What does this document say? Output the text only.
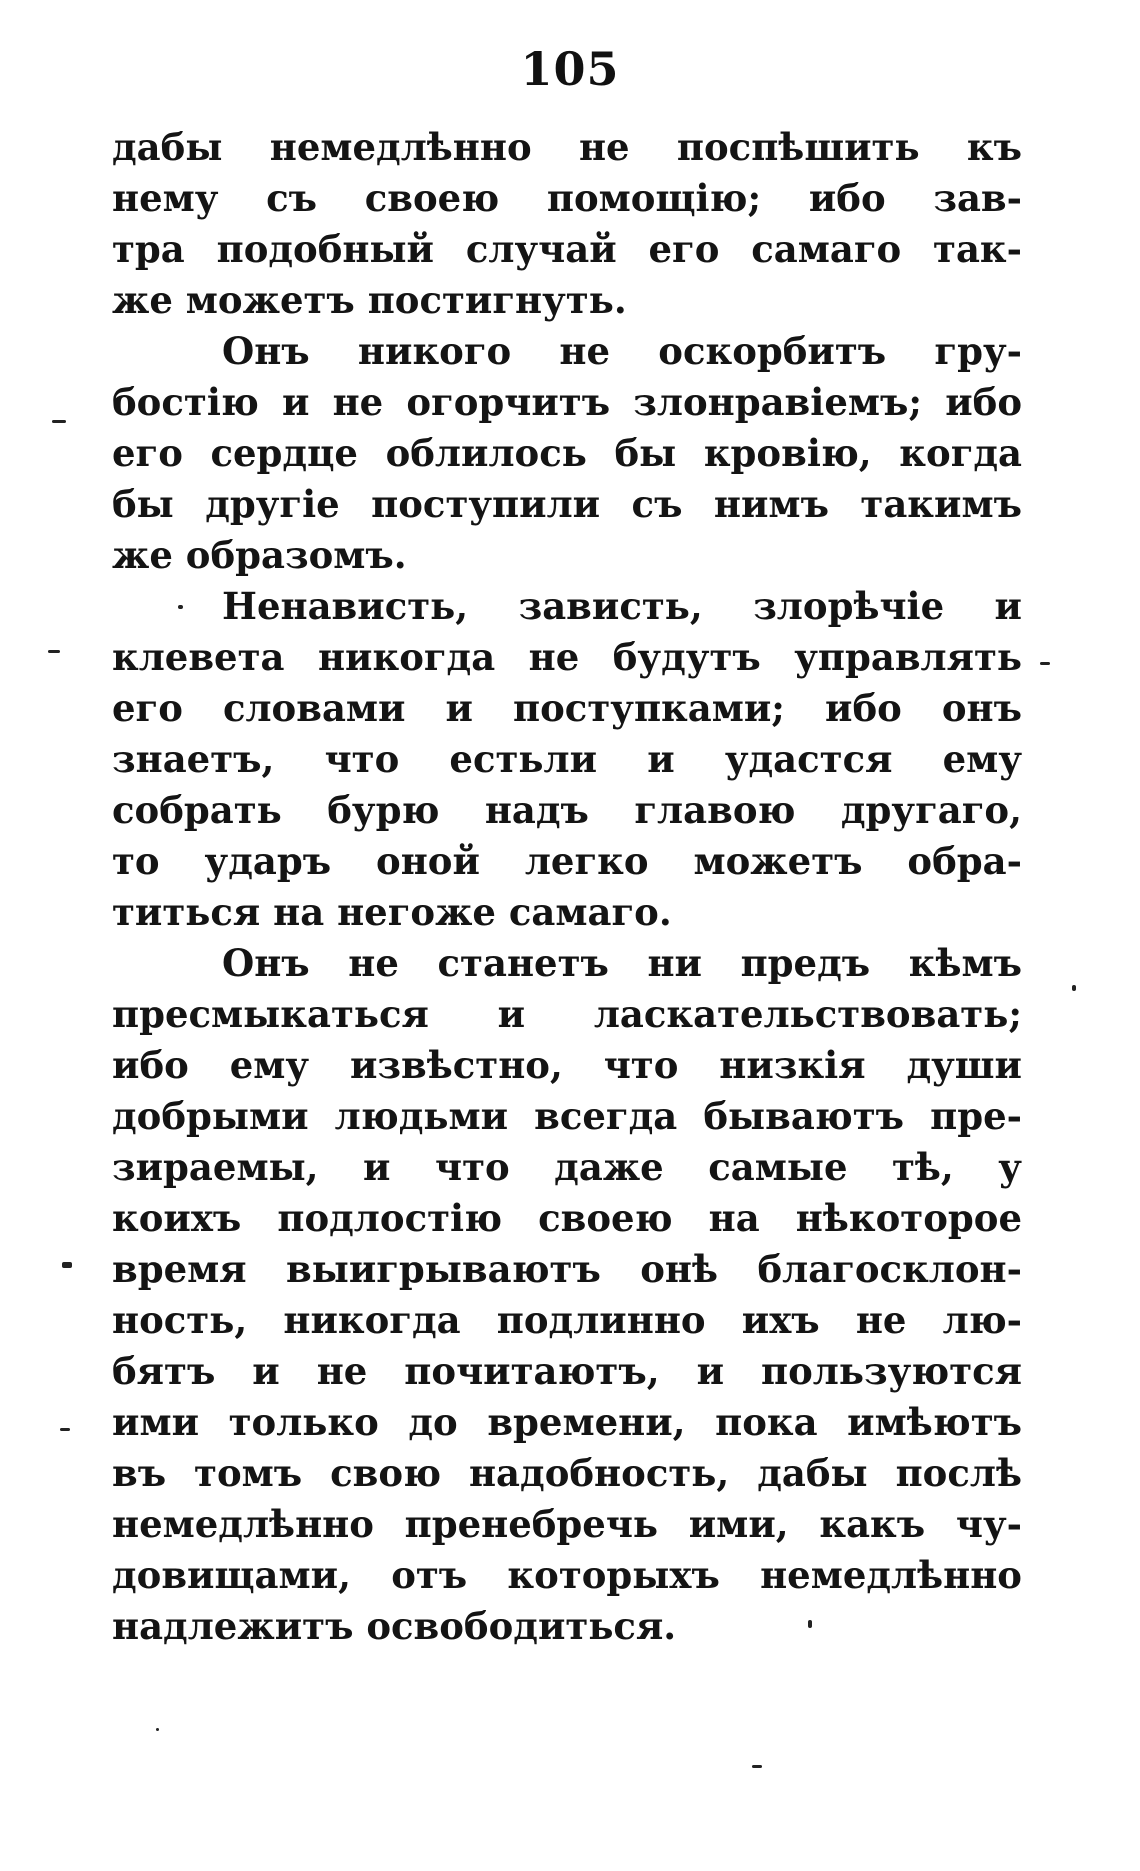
105
дабы немедлѣнно не поспѣшить къ
нему съ своею помощію; ибо зав-
тра подобный случай его самаго так-
же можетъ постигнуть.
Онъ никого не оскорбитъ гру-
бостію и не огорчитъ злонравіемъ; ибо
его сердце облилось бы кровію, когда
бы другіе поступили съ нимъ такимъ
же образомъ.
Ненависть, зависть, злорѣчіе и
клевета никогда не будутъ управлять
его словами и поступками; ибо онъ
знаетъ, что естьли и удастся ему
собрать бурю надъ главою другаго,
то ударъ оной легко можетъ обра-
титься на негоже самаго.
Онъ не станетъ ни предъ кѣмъ
пресмыкаться и ласкательствовать;
ибо ему извѣстно, что низкія души
добрыми людьми всегда бываютъ пре-
зираемы, и что даже самые тѣ, у
коихъ подлостію своею на нѣкоторое
время выигрываютъ онѣ благосклон-
ность, никогда подлинно ихъ не лю-
бятъ и не почитаютъ, и пользуются
ими только до времени, пока имѣютъ
въ томъ свою надобность, дабы послѣ
немедлѣнно пренебречь ими, какъ чу-
довищами, отъ которыхъ немедлѣнно
надлежитъ освободиться.
